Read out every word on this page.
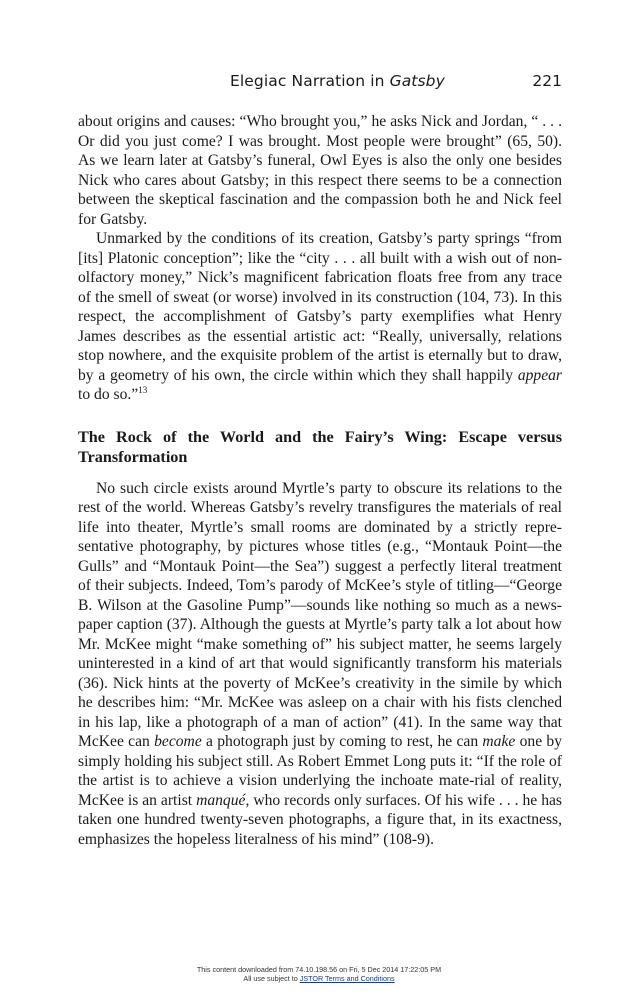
Elegiac Narration in Gatsby	221

about origins and causes: “Who brought you,” he asks Nick and Jordan, “ . . . Or did you just come? I was brought. Most people were brought” (65, 50). As we learn later at Gatsby’s funeral, Owl Eyes is also the only one besides Nick who cares about Gatsby; in this respect there seems to be a connection between the skeptical fascination and the compassion both he and Nick feel for Gatsby.

Unmarked by the conditions of its creation, Gatsby’s party springs “from [its] Platonic conception”; like the “city . . . all built with a wish out of non-olfactory money,” Nick’s magnificent fabrication floats free from any trace of the smell of sweat (or worse) involved in its construction (104, 73). In this respect, the accomplishment of Gatsby’s party exemplifies what Henry James describes as the essential artistic act: “Really, universally, relations stop nowhere, and the exquisite problem of the artist is eternally but to draw, by a geometry of his own, the circle within which they shall happily appear to do so.”$^{13}$

The Rock of the World and the Fairy’s Wing: Escape versus Transformation

No such circle exists around Myrtle’s party to obscure its relations to the rest of the world. Whereas Gatsby’s revelry transfigures the materials of real life into theater, Myrtle’s small rooms are dominated by a strictly repre-sentative photography, by pictures whose titles (e.g., “Montauk Point—the Gulls” and “Montauk Point—the Sea”) suggest a perfectly literal treatment of their subjects. Indeed, Tom’s parody of McKee’s style of titling—“George B. Wilson at the Gasoline Pump”—sounds like nothing so much as a news-paper caption (37). Although the guests at Myrtle’s party talk a lot about how Mr. McKee might “make something of” his subject matter, he seems largely uninterested in a kind of art that would significantly transform his materials (36). Nick hints at the poverty of McKee’s creativity in the simile by which he describes him: “Mr. McKee was asleep on a chair with his fists clenched in his lap, like a photograph of a man of action” (41). In the same way that McKee can become a photograph just by coming to rest, he can make one by simply holding his subject still. As Robert Emmet Long puts it: “If the role of the artist is to achieve a vision underlying the inchoate mate-rial of reality, McKee is an artist manqué, who records only surfaces. Of his wife . . . he has taken one hundred twenty-seven photographs, a figure that, in its exactness, emphasizes the hopeless literalness of his mind” (108-9).

This content downloaded from 74.10.198.56 on Fri, 5 Dec 2014 17:22:05 PM
All use subject to JSTOR Terms and Conditions
